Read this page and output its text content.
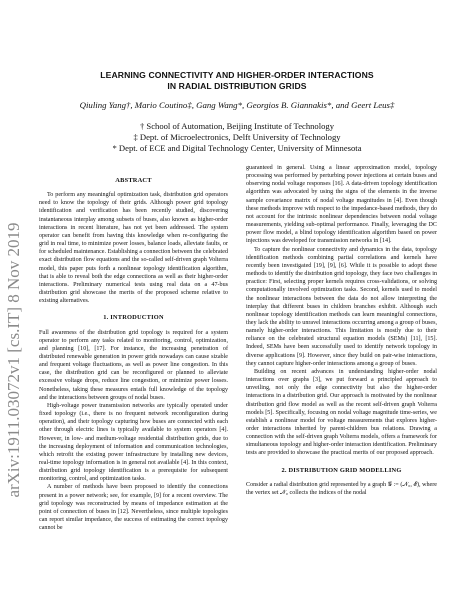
arXiv:1911.03072v1 [cs.IT] 8 Nov 2019
LEARNING CONNECTIVITY AND HIGHER-ORDER INTERACTIONS
IN RADIAL DISTRIBUTION GRIDS
Qiuling Yang†, Mario Coutino‡, Gang Wang*, Georgios B. Giannakis*, and Geert Leus‡
† School of Automation, Beijing Institute of Technology
‡ Dept. of Microelectronics, Delft University of Technology
* Dept. of ECE and Digital Technology Center, University of Minnesota
ABSTRACT

To perform any meaningful optimization task, distribution grid operators need to know the topology of their grids. Although power grid topology identification and verification has been recently studied, discovering instantaneous interplay among subsets of buses, also known as higher-order interactions in recent literature, has not yet been addressed. The system operator can benefit from having this knowledge when re-configuring the grid in real time, to minimize power losses, balance loads, alleviate faults, or for scheduled maintenance. Establishing a connection between the celebrated exact distribution flow equations and the so-called self-driven graph Volterra model, this paper puts forth a nonlinear topology identification algorithm, that is able to reveal both the edge connections as well as their higher-order interactions. Preliminary numerical tests using real data on a 47-bus distribution grid showcase the merits of the proposed scheme relative to existing alternatives.

1. INTRODUCTION

Full awareness of the distribution grid topology is required for a system operator to perform any tasks related to monitoring, control, optimization, and planning [10], [17]. For instance, the increasing penetration of distributed renewable generation in power grids nowadays can cause sizable and frequent voltage fluctuations, as well as power line congestion. In this case, the distribution grid can be reconfigured or planned to alleviate excessive voltage drops, reduce line congestion, or minimize power losses. Nonetheless, taking these measures entails full knowledge of the topology and the interactions between groups of nodal buses.

High-voltage power transmission networks are typically operated under fixed topology (i.e., there is no frequent network reconfiguration during operation), and their topology capturing how buses are connected with each other through electric lines is typically available to system operators [4]. However, in low- and medium-voltage residential distribution grids, due to the increasing deployment of information and communication technologies, which retrofit the existing power infrastructure by installing new devices, real-time topology information is in general not available [4]. In this context, distribution grid topology identification is a prerequisite for subsequent monitoring, control, and optimization tasks.

A number of methods have been proposed to identify the connections present in a power network; see, for example, [9] for a recent overview. The grid topology was reconstructed by means of impedance estimation at the point of connection of buses in [12]. Nevertheless, since multiple topologies can report similar impedance, the success of estimating the correct topology cannot be

guaranteed in general. Using a linear approximation model, topology processing was performed by perturbing power injections at certain buses and observing nodal voltage responses [16]. A data-driven topology identification algorithm was advocated by using the signs of the elements in the inverse sample covariance matrix of nodal voltage magnitudes in [4]. Even though these methods improve with respect to the impedance-based methods, they do not account for the intrinsic nonlinear dependencies between nodal voltage measurements, yielding sub-optimal performance. Finally, leveraging the DC power flow model, a blind topology identification algorithm based on power injections was developed for transmission networks in [14].

To capture the nonlinear connectivity and dynamics in the data, topology identification methods combining partial correlations and kernels have recently been investigated [19], [9], [6]. While it is possible to adopt these methods to identify the distribution grid topology, they face two challenges in practice: First, selecting proper kernels requires cross-validations, or solving computationally involved optimization tasks. Second, kernels used to model the nonlinear interactions between the data do not allow interpreting the interplay that different buses in children branches exhibit. Although such nonlinear topology identification methods can learn meaningful connections, they lack the ability to unravel interactions occurring among a group of buses, namely higher-order interactions. This limitation is mostly due to their reliance on the celebrated structural equation models (SEMs) [11], [15]. Indeed, SEMs have been successfully used to identify network topology in diverse applications [9]. However, since they build on pair-wise interactions, they cannot capture higher-order interactions among a group of buses.

Building on recent advances in understanding higher-order nodal interactions over graphs [3], we put forward a principled approach to unveiling, not only the edge connectivity but also the higher-order interactions in a distribution grid. Our approach is motivated by the nonlinear distribution grid flow model as well as the recent self-driven graph Volterra models [5]. Specifically, focusing on nodal voltage magnitude time-series, we establish a nonlinear model for voltage measurements that explores higher-order interactions inherited by parent-children bus relations. Drawing a connection with the self-driven graph Volterra models, offers a framework for simultaneous topology and higher-order interaction identification. Preliminary tests are provided to showcase the practical merits of our proposed approach.

2. DISTRIBUTION GRID MODELLING

Consider a radial distribution grid represented by a graph 𝒢 := (𝒩₀, ℰ), where the vertex set 𝒩₀ collects the indices of the nodal
